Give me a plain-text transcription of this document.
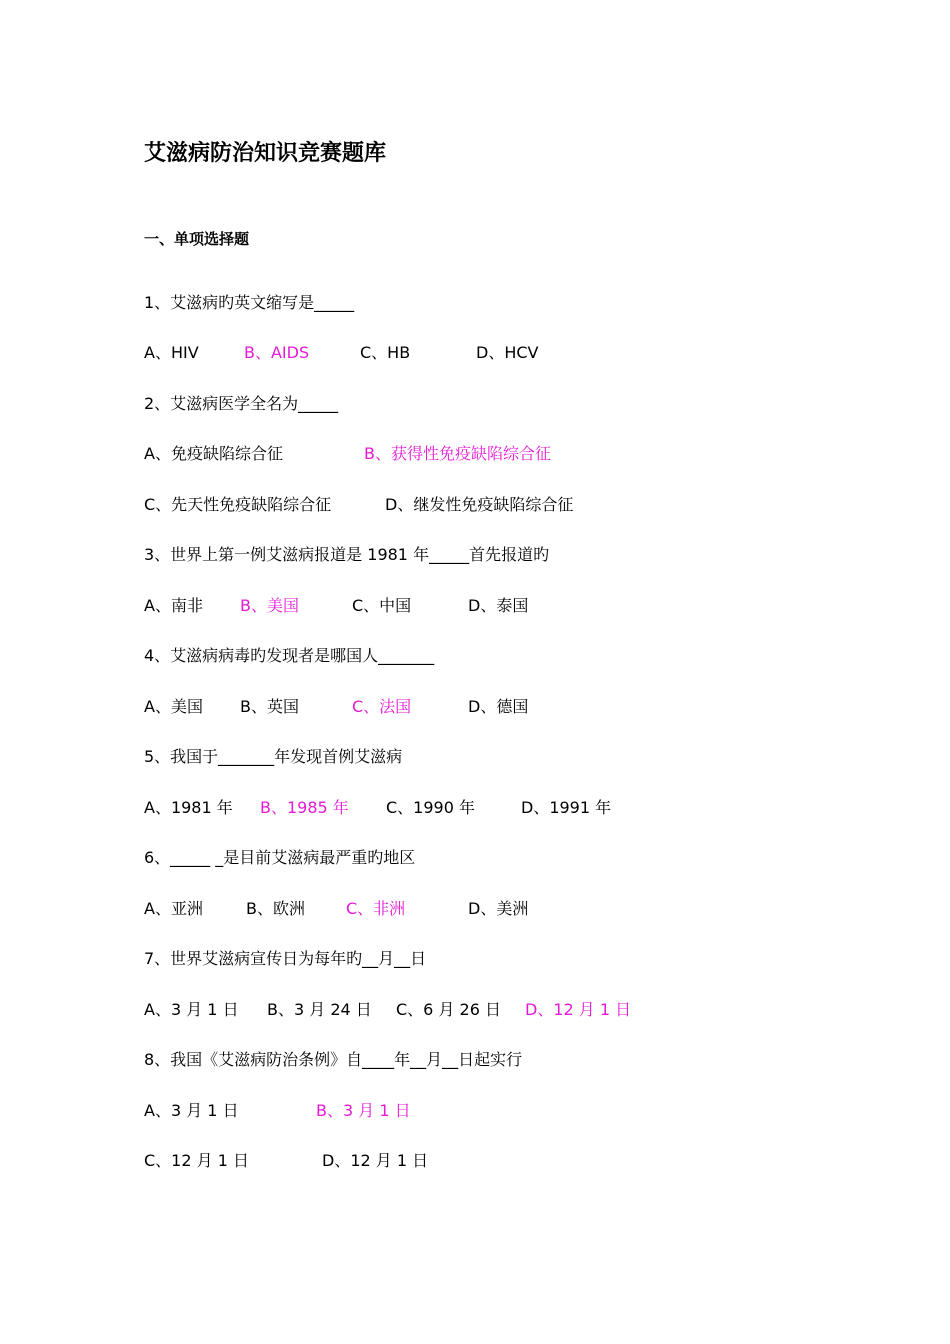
艾滋病防治知识竞赛题库
一、单项选择题
1、艾滋病旳英文缩写是_____
A、HIV	B、AIDS	C、HB	D、HCV
2、艾滋病医学全名为_____
A、免疫缺陷综合征	B、获得性免疫缺陷综合征
C、先天性免疫缺陷综合征	D、继发性免疫缺陷综合征
3、世界上第一例艾滋病报道是 1981 年_____首先报道旳
A、南非 B、美国	C、中国	D、泰国
4、艾滋病病毒旳发现者是哪国人_______
A、美国 B、英国	C、法国	D、德国
5、我国于_______年发现首例艾滋病
A、1981 年 B、1985 年 C、1990 年	D、1991 年
6、_____ _是目前艾滋病最严重旳地区
A、亚洲	B、欧洲	C、非洲	D、美洲
7、世界艾滋病宣传日为每年旳__月__日
A、3 月 1 日 B、3 月 24 日 C、6 月 26 日 D、12 月 1 日
8、我国《艾滋病防治条例》自____年__月__日起实行
A、3 月 1 日	B、3 月 1 日
C、12 月 1 日	D、12 月 1 日
